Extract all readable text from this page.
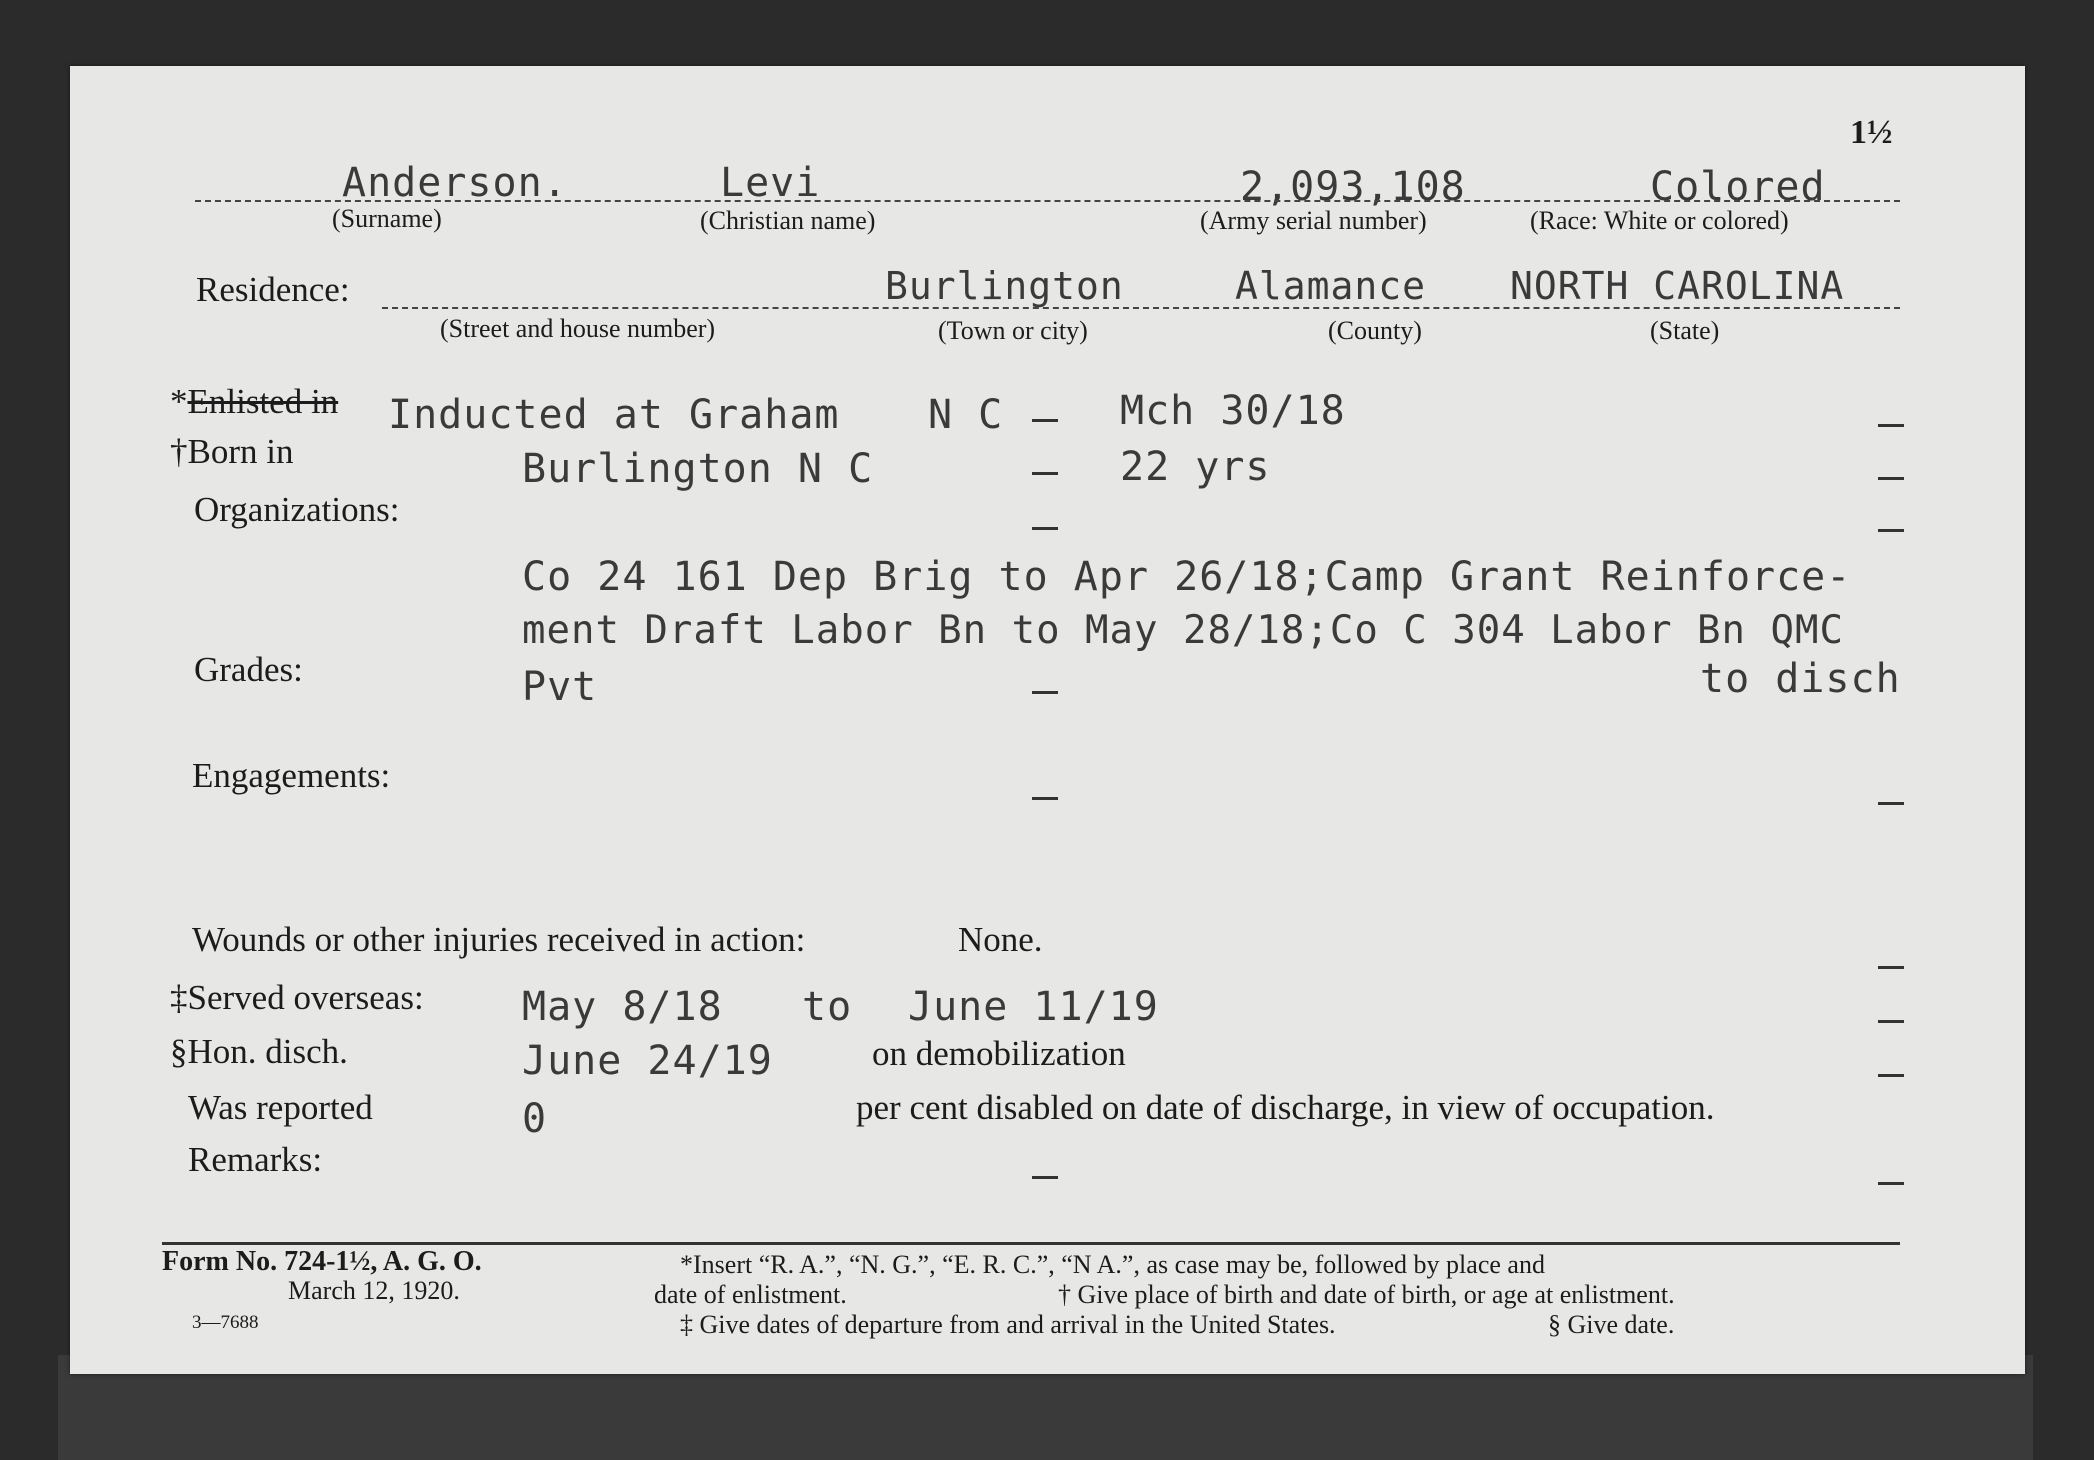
1½
Anderson.	Levi	2,093,108	Colored
(Surname)	(Christian name)	(Army serial number)	(Race: White or colored)
Residence:	Burlington	Alamance NORTH CAROLINA
(Street and house number)	(Town or city)	(County)	(State)
*Enlisted in Inducted at Graham N C	Mch 30/18
†Born in	Burlington N C	22 yrs
Organizations:
Co 24 161 Dep Brig to Apr 26/18;Camp Grant Reinforce-
ment Draft Labor Bn to May 28/18;Co C 304 Labor Bn QMC
Grades:	Pvt	to disch
Engagements:
Wounds or other injuries received in action:	None.
‡Served overseas: May 8/18 to June 11/19
§Hon. disch.	June 24/19	on demobilization
Was reported	0	per cent disabled on date of discharge, in view of occupation.
Remarks:
Form No. 724-1½, A. G. O.
March 12, 1920.
3—7688
*Insert “R. A.”, “N. G.”, “E. R. C.”, “N A.”, as case may be, followed by place and
date of enlistment.	† Give place of birth and date of birth, or age at enlistment.
‡ Give dates of departure from and arrival in the United States.	§ Give date.
